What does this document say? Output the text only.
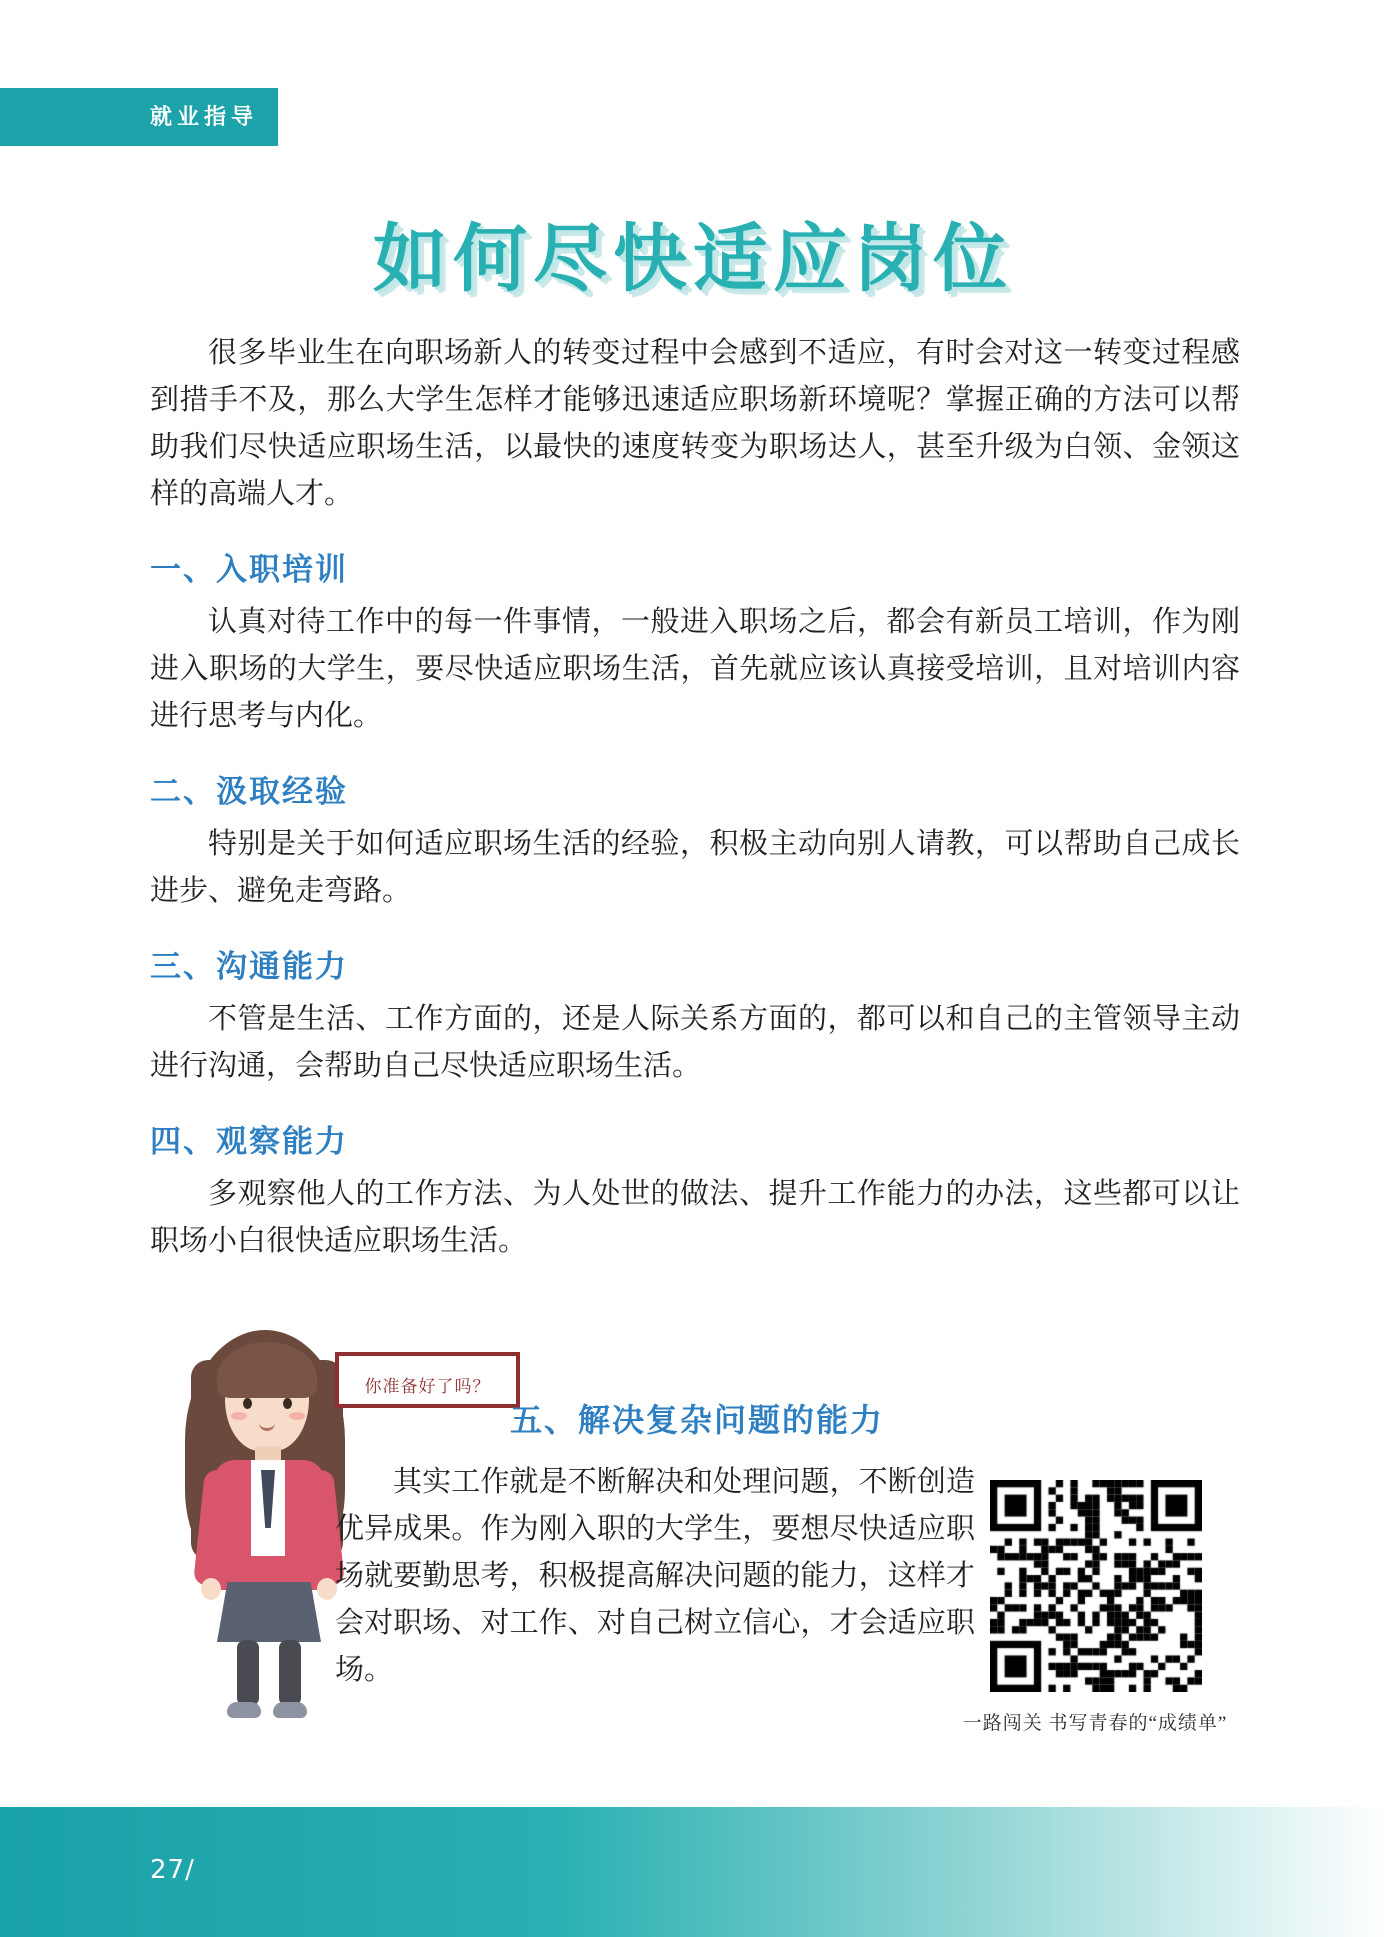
就业指导
如何尽快适应岗位

很多毕业生在向职场新人的转变过程中会感到不适应，有时会对这一转变过程感到措手不及，那么大学生怎样才能够迅速适应职场新环境呢？掌握正确的方法可以帮助我们尽快适应职场生活，以最快的速度转变为职场达人，甚至升级为白领、金领这样的高端人才。

一、入职培训

认真对待工作中的每一件事情，一般进入职场之后，都会有新员工培训，作为刚进入职场的大学生，要尽快适应职场生活，首先就应该认真接受培训，且对培训内容进行思考与内化。

二、汲取经验

特别是关于如何适应职场生活的经验，积极主动向别人请教，可以帮助自己成长进步、避免走弯路。

三、沟通能力

不管是生活、工作方面的，还是人际关系方面的，都可以和自己的主管领导主动进行沟通，会帮助自己尽快适应职场生活。

四、观察能力

多观察他人的工作方法、为人处世的做法、提升工作能力的办法，这些都可以让职场小白很快适应职场生活。

你准备好了吗？
五、解决复杂问题的能力

其实工作就是不断解决和处理问题，不断创造优异成果。作为刚入职的大学生，要想尽快适应职场就要勤思考，积极提高解决问题的能力，这样才会对职场、对工作、对自己树立信心，才会适应职场。

一路闯关 书写青春的“成绩单”
27/
